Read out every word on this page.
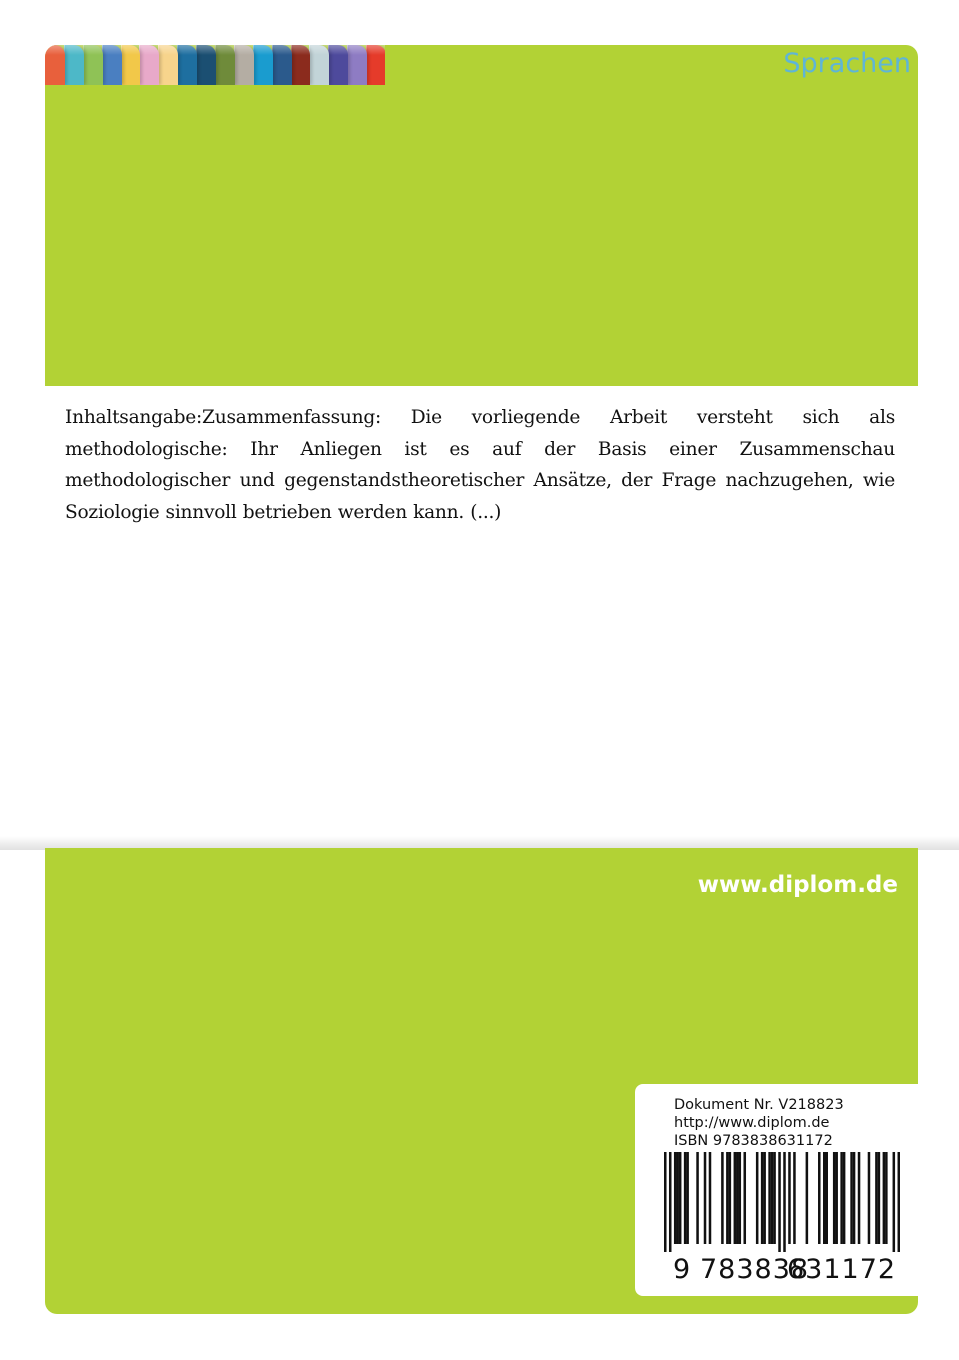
Sprachen
Inhaltsangabe:Zusammenfassung: Die vorliegende Arbeit versteht sich als methodologische: Ihr Anliegen ist es auf der Basis einer Zusammenschau methodologischer und gegenstandstheoretischer Ansätze, der Frage nachzugehen, wie Soziologie sinnvoll betrieben werden kann. (...)
www.diplom.de
Dokument Nr. V218823
http://www.diplom.de
ISBN 9783838631172
9 783838
631172
